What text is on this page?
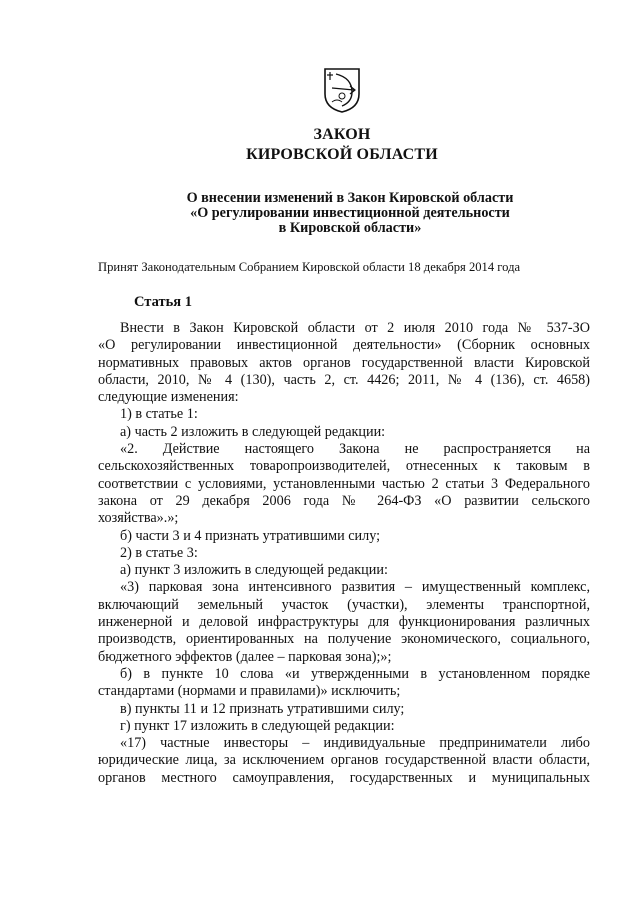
ЗАКОН
КИРОВСКОЙ ОБЛАСТИ
О внесении изменений в Закон Кировской области
«О регулировании инвестиционной деятельности
в Кировской области»
Принят Законодательным Собранием Кировской области 18 декабря 2014 года
Статья 1
Внести в Закон Кировской области от 2 июля 2010 года № 537-ЗО
«О регулировании инвестиционной деятельности» (Сборник основных
нормативных правовых актов органов государственной власти Кировской
области, 2010, № 4 (130), часть 2, ст. 4426; 2011, № 4 (136), ст. 4658)
следующие изменения:
1) в статье 1:
а) часть 2 изложить в следующей редакции:
«2. Действие настоящего Закона не распространяется на
сельскохозяйственных товаропроизводителей, отнесенных к таковым в
соответствии с условиями, установленными частью 2 статьи 3 Федерального
закона от 29 декабря 2006 года № 264-ФЗ «О развитии сельского
хозяйства».»;
б) части 3 и 4 признать утратившими силу;
2) в статье 3:
а) пункт 3 изложить в следующей редакции:
«3) парковая зона интенсивного развития – имущественный комплекс,
включающий земельный участок (участки), элементы транспортной,
инженерной и деловой инфраструктуры для функционирования различных
производств, ориентированных на получение экономического, социального,
бюджетного эффектов (далее – парковая зона);»;
б) в пункте 10 слова «и утвержденными в установленном порядке
стандартами (нормами и правилами)» исключить;
в) пункты 11 и 12 признать утратившими силу;
г) пункт 17 изложить в следующей редакции:
«17) частные инвесторы – индивидуальные предприниматели либо
юридические лица, за исключением органов государственной власти области,
органов местного самоуправления, государственных и муниципальных
